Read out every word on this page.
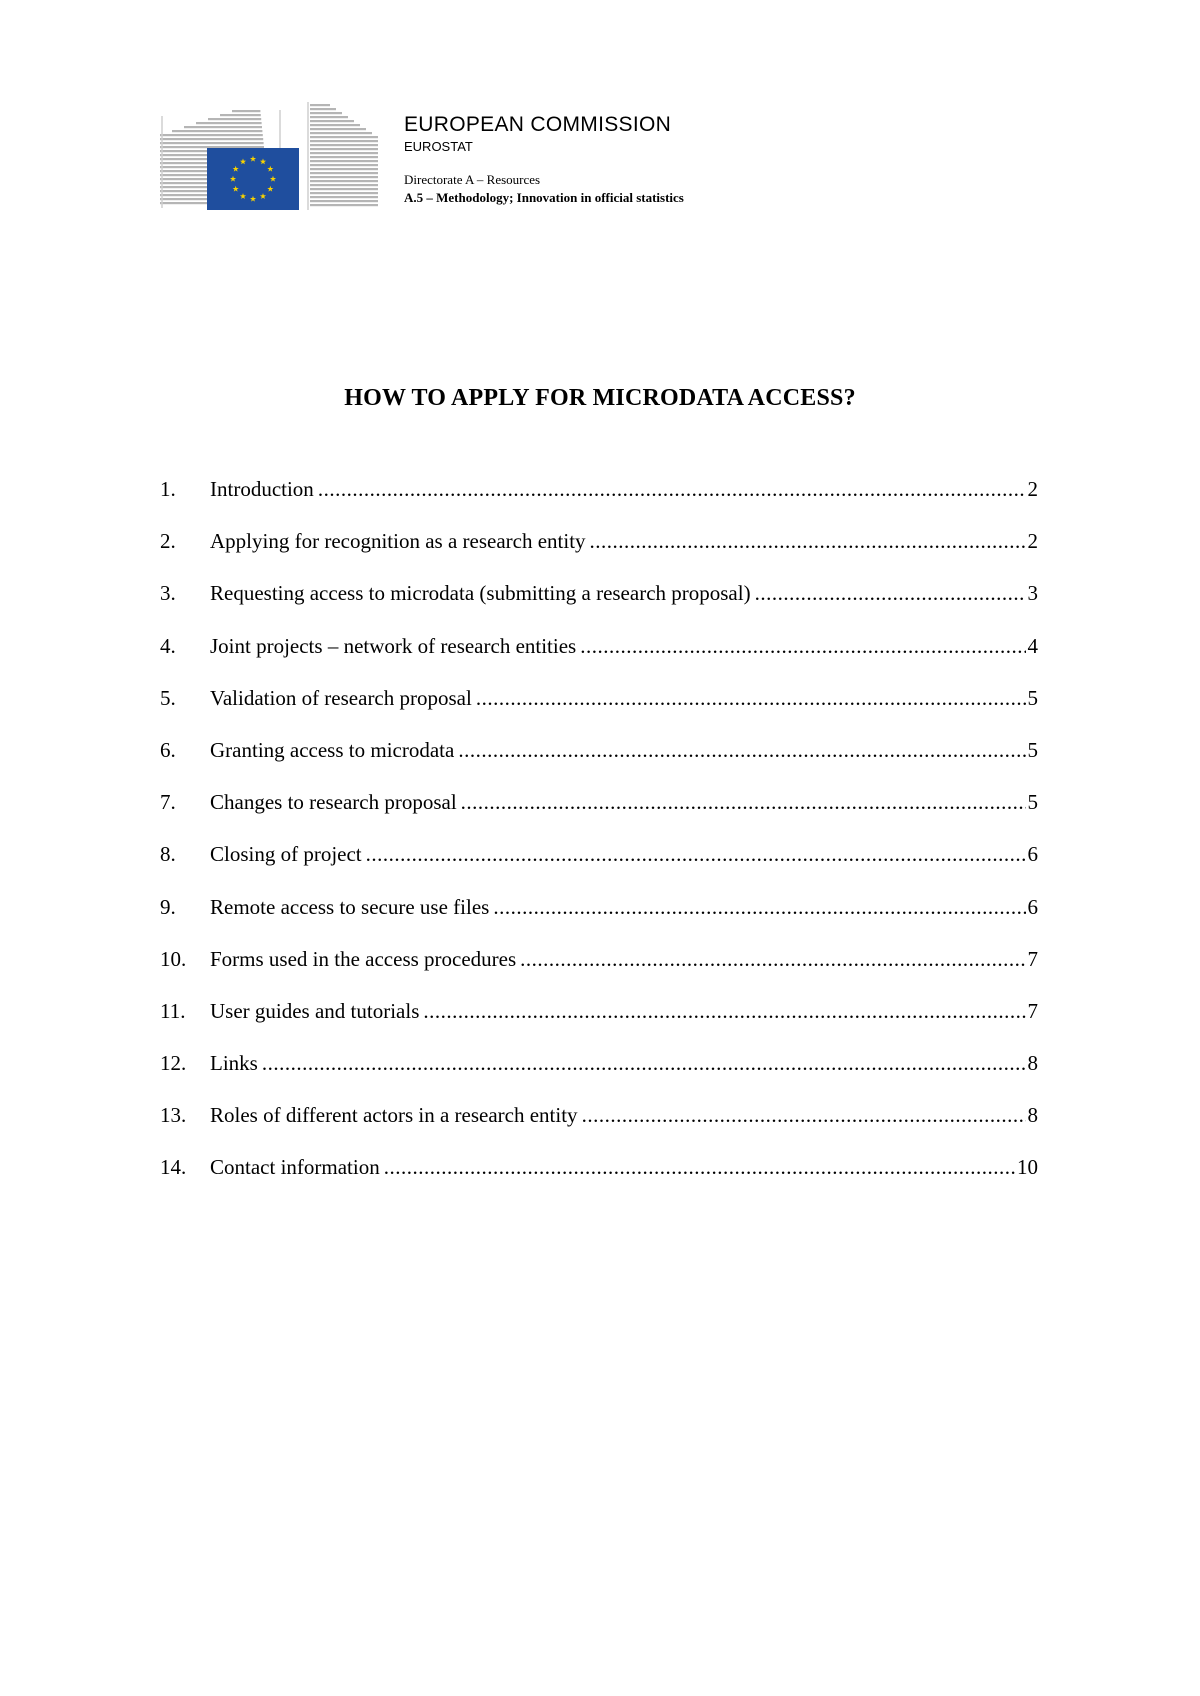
EUROPEAN COMMISSION
EUROSTAT
Directorate A – Resources
A.5 – Methodology; Innovation in official statistics
HOW TO APPLY FOR MICRODATA ACCESS?
1.	Introduction .....	2
2.	Applying for recognition as a research entity .....	2
3.	Requesting access to microdata (submitting a research proposal) .....	3
4.	Joint projects – network of research entities .....	4
5.	Validation of research proposal .....	5
6.	Granting access to microdata .....	5
7.	Changes to research proposal .....	5
8.	Closing of project .....	6
9.	Remote access to secure use files .....	6
10.	Forms used in the access procedures .....	7
11.	User guides and tutorials .....	7
12.	Links .....	8
13.	Roles of different actors in a research entity .....	8
14.	Contact information .....	10
